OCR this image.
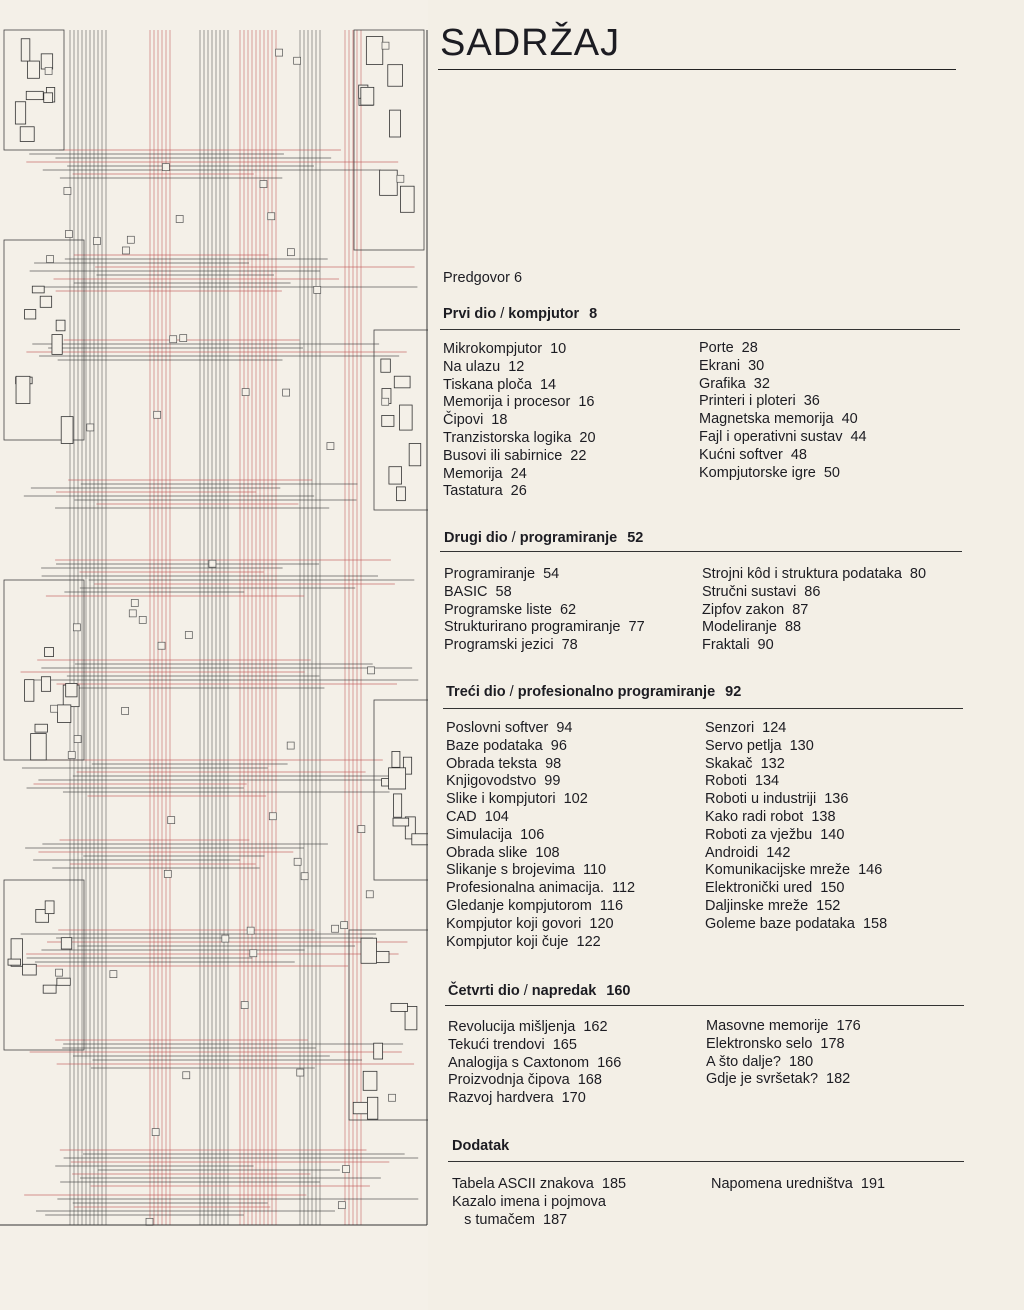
SADRŽAJ
Predgovor 6
Prvi dio / kompjutor 8
Mikrokompjutor 10
Na ulazu 12
Tiskana ploča 14
Memorija i procesor 16
Čipovi 18
Tranzistorska logika 20
Busovi ili sabirnice 22
Memorija 24
Tastatura 26
Porte 28
Ekrani 30
Grafika 32
Printeri i ploteri 36
Magnetska memorija 40
Fajl i operativni sustav 44
Kućni softver 48
Kompjutorske igre 50
Drugi dio / programiranje 52
Programiranje 54
BASIC 58
Programske liste 62
Strukturirano programiranje 77
Programski jezici 78
Strojni kôd i struktura podataka 80
Stručni sustavi 86
Zipfov zakon 87
Modeliranje 88
Fraktali 90
Treći dio / profesionalno programiranje 92
Poslovni softver 94
Baze podataka 96
Obrada teksta 98
Knjigovodstvo 99
Slike i kompjutori 102
CAD 104
Simulacija 106
Obrada slike 108
Slikanje s brojevima 110
Profesionalna animacija. 112
Gledanje kompjutorom 116
Kompjutor koji govori 120
Kompjutor koji čuje 122
Senzori 124
Servo petlja 130
Skakač 132
Roboti 134
Roboti u industriji 136
Kako radi robot 138
Roboti za vježbu 140
Androidi 142
Komunikacijske mreže 146
Elektronički ured 150
Daljinske mreže 152
Goleme baze podataka 158
Četvrti dio / napredak 160
Revolucija mišljenja 162
Tekući trendovi 165
Analogija s Caxtonom 166
Proizvodnja čipova 168
Razvoj hardvera 170
Masovne memorije 176
Elektronsko selo 178
A što dalje? 180
Gdje je svršetak? 182
Dodatak
Tabela ASCII znakova 185
Kazalo imena i pojmova
s tumačem 187
Napomena uredništva 191
